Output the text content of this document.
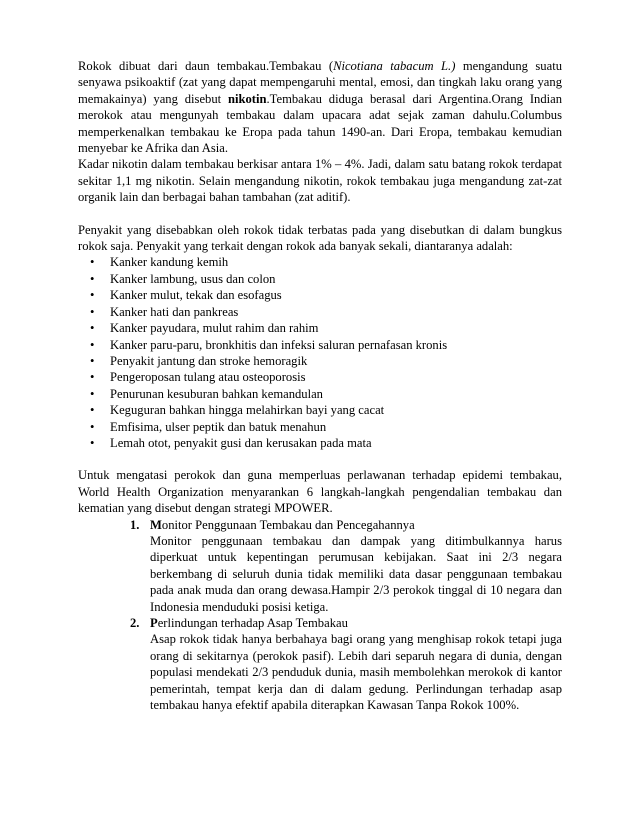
Rokok dibuat dari daun tembakau.Tembakau (Nicotiana tabacum L.) mengandung suatu senyawa psikoaktif (zat yang dapat mempengaruhi mental, emosi, dan tingkah laku orang yang memakainya) yang disebut nikotin.Tembakau diduga berasal dari Argentina.Orang Indian merokok atau mengunyah tembakau dalam upacara adat sejak zaman dahulu.Columbus memperkenalkan tembakau ke Eropa pada tahun 1490-an. Dari Eropa, tembakau kemudian menyebar ke Afrika dan Asia.

Kadar nikotin dalam tembakau berkisar antara 1% – 4%. Jadi, dalam satu batang rokok terdapat sekitar 1,1 mg nikotin. Selain mengandung nikotin, rokok tembakau juga mengandung zat-zat organik lain dan berbagai bahan tambahan (zat aditif).

Penyakit yang disebabkan oleh rokok tidak terbatas pada yang disebutkan di dalam bungkus rokok saja. Penyakit yang terkait dengan rokok ada banyak sekali, diantaranya adalah:

• Kanker kandung kemih
• Kanker lambung, usus dan colon
• Kanker mulut, tekak dan esofagus
• Kanker hati dan pankreas
• Kanker payudara, mulut rahim dan rahim
• Kanker paru-paru, bronkhitis dan infeksi saluran pernafasan kronis
• Penyakit jantung dan stroke hemoragik
• Pengeroposan tulang atau osteoporosis
• Penurunan kesuburan bahkan kemandulan
• Keguguran bahkan hingga melahirkan bayi yang cacat
• Emfisima, ulser peptik dan batuk menahun
• Lemah otot, penyakit gusi dan kerusakan pada mata

Untuk mengatasi perokok dan guna memperluas perlawanan terhadap epidemi tembakau, World Health Organization menyarankan 6 langkah-langkah pengendalian tembakau dan kematian yang disebut dengan strategi MPOWER.

1. Monitor Penggunaan Tembakau dan Pencegahannya
Monitor penggunaan tembakau dan dampak yang ditimbulkannya harus diperkuat untuk kepentingan perumusan kebijakan. Saat ini 2/3 negara berkembang di seluruh dunia tidak memiliki data dasar penggunaan tembakau pada anak muda dan orang dewasa.Hampir 2/3 perokok tinggal di 10 negara dan Indonesia menduduki posisi ketiga.
2. Perlindungan terhadap Asap Tembakau
Asap rokok tidak hanya berbahaya bagi orang yang menghisap rokok tetapi juga orang di sekitarnya (perokok pasif). Lebih dari separuh negara di dunia, dengan populasi mendekati 2/3 penduduk dunia, masih membolehkan merokok di kantor pemerintah, tempat kerja dan di dalam gedung. Perlindungan terhadap asap tembakau hanya efektif apabila diterapkan Kawasan Tanpa Rokok 100%.
